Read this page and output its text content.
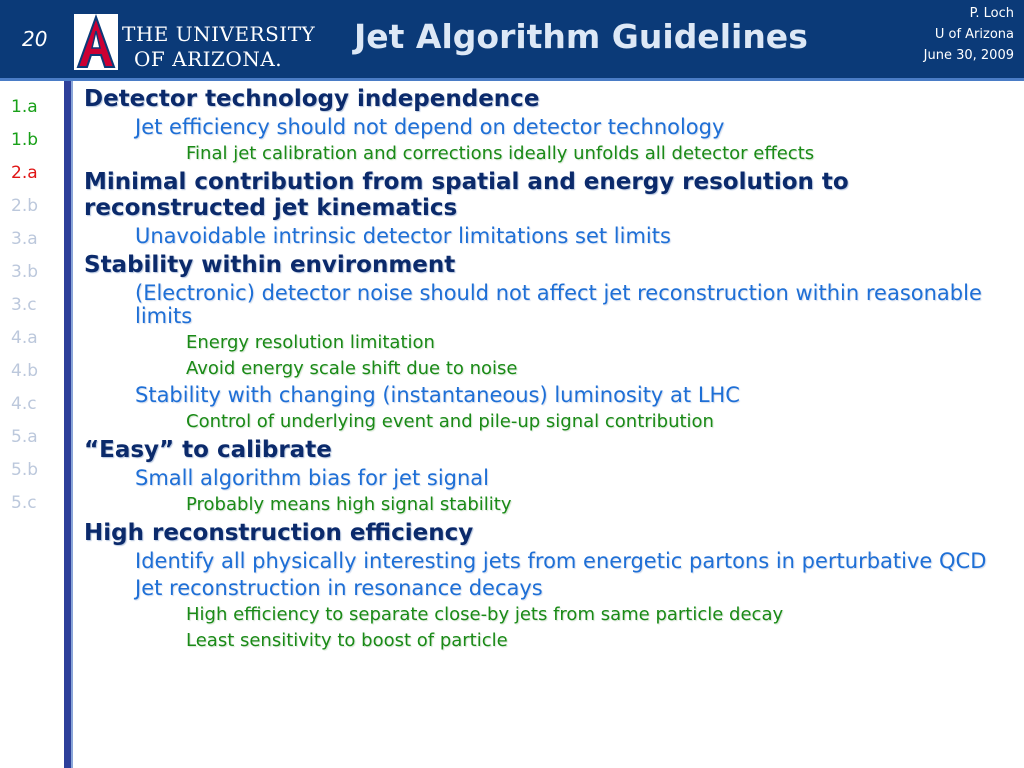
20	THE UNIVERSITY
OF ARIZONA.
Jet Algorithm Guidelines
P. Loch
U of Arizona
June 30, 2009
1.a
1.b
2.a
2.b
3.a
3.b
3.c
4.a
4.b
4.c
5.a
5.b
5.c
Detector technology independence
Jet efficiency should not depend on detector technology
Final jet calibration and corrections ideally unfolds all detector effects
Minimal contribution from spatial and energy resolution to reconstructed jet kinematics
Unavoidable intrinsic detector limitations set limits
Stability within environment
(Electronic) detector noise should not affect jet reconstruction within reasonable limits
Energy resolution limitation
Avoid energy scale shift due to noise
Stability with changing (instantaneous) luminosity at LHC
Control of underlying event and pile-up signal contribution
“Easy” to calibrate
Small algorithm bias for jet signal
Probably means high signal stability
High reconstruction efficiency
Identify all physically interesting jets from energetic partons in perturbative QCD
Jet reconstruction in resonance decays
High efficiency to separate close-by jets from same particle decay
Least sensitivity to boost of particle
